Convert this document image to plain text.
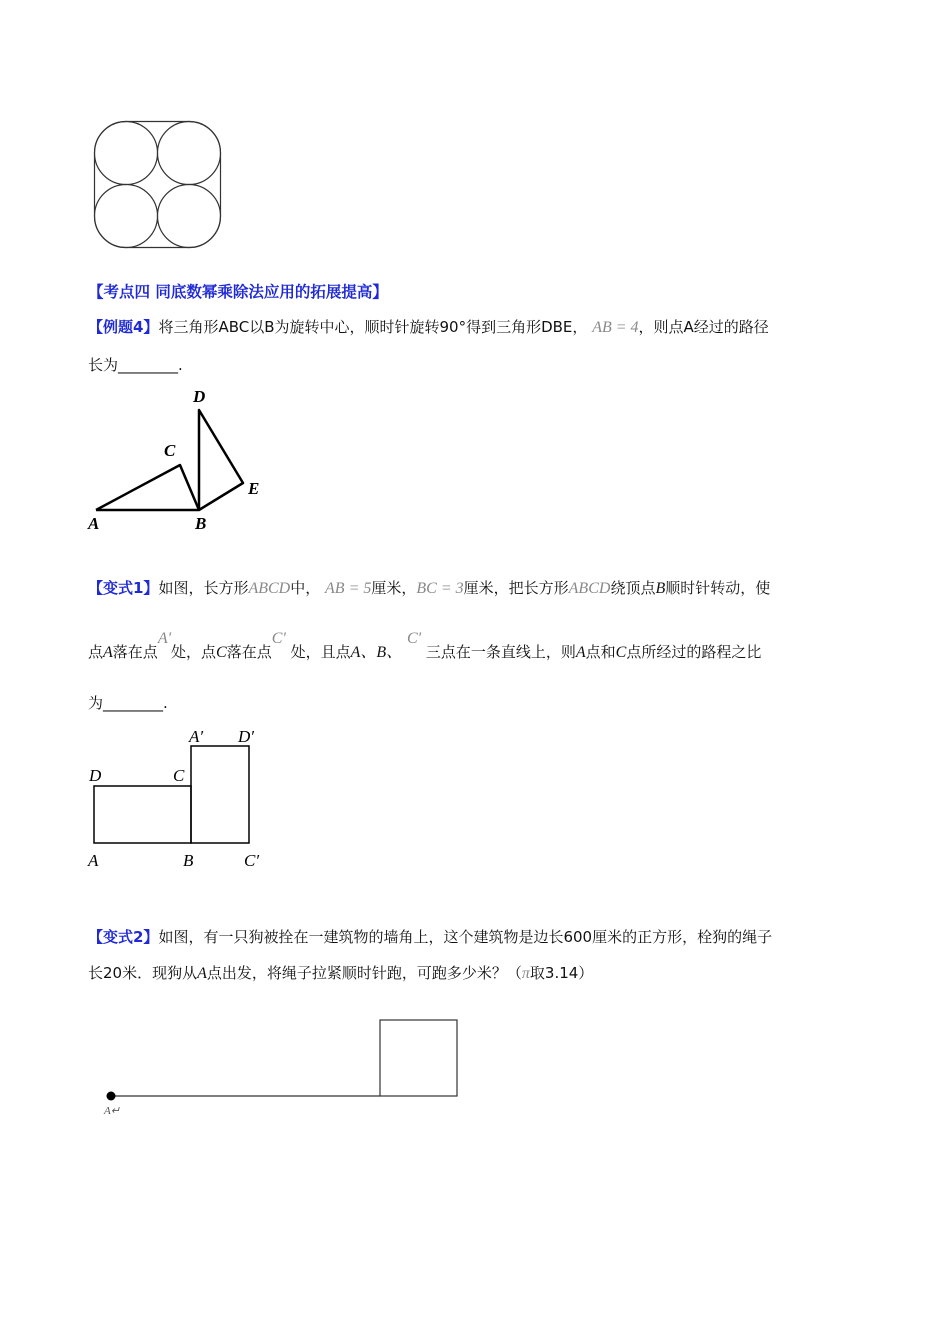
D
C
E
A	B
D	C
A′ D′
A	B	C′
A↵
【考点四 同底数幂乘除法应用的拓展提高】
【例题4】将三角形ABC以B为旋转中心，顺时针旋转90°得到三角形DBE， AB = 4，则点A经过的路径
长为________.
【变式1】如图，长方形ABCD中， AB = 5厘米，BC = 3厘米，把长方形ABCD绕顶点B顺时针转动，使
点A落在点A'处，点C落在点C' 处，且点A、B、 C' 三点在一条直线上，则A点和C点所经过的路程之比
为________.
【变式2】如图，有一只狗被拴在一建筑物的墙角上，这个建筑物是边长600厘米的正方形，栓狗的绳子
长20米．现狗从A点出发，将绳子拉紧顺时针跑，可跑多少米？（π取3.14）
